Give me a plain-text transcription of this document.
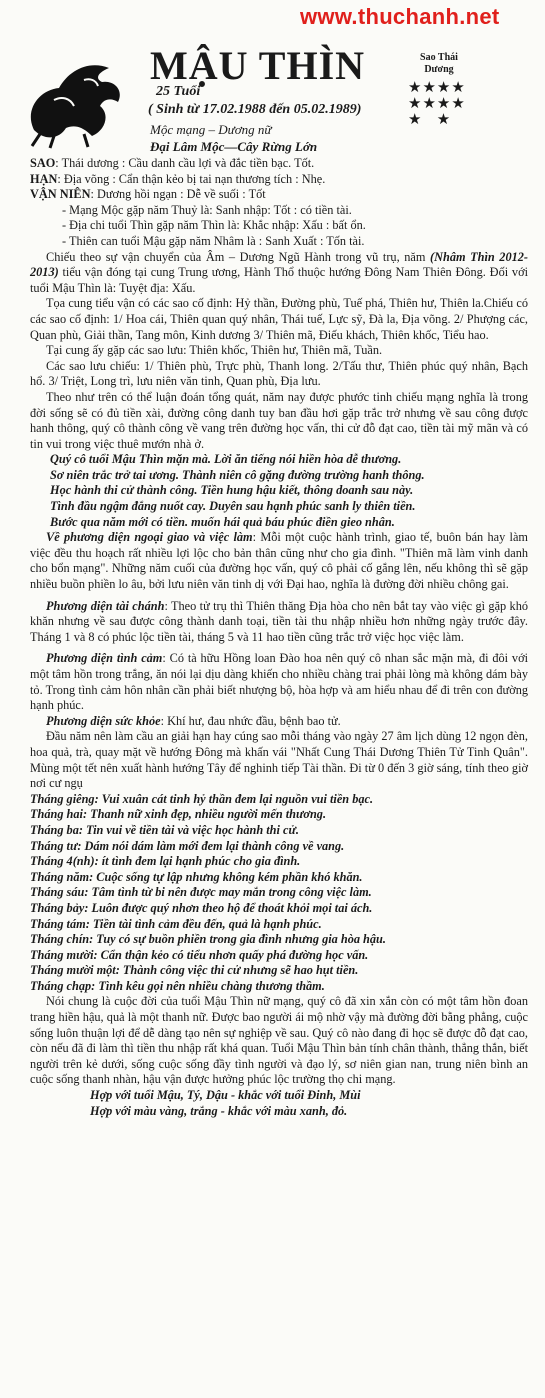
www.thuchanh.net
MẬU THÌN
25 Tuổi
( Sinh từ 17.02.1988 đến 05.02.1989)
Mộc mạng – Dương nữ
Đại Lâm Mộc—Cây Rừng Lớn
Sao Thái Dương
★★★★
★★★★
★   ★

SAO: Thái dương : Cầu danh cầu lợi và đắc tiền bạc. Tốt.

HẠN: Địa võng : Cẩn thận kẻo bị tai nạn thương tích : Nhẹ.

VẬN NIÊN: Dương hồi ngạn : Dễ về suối : Tốt

- Mạng Mộc gặp năm Thuỷ là: Sanh nhập: Tốt : có tiền tài.

- Địa chi tuổi Thìn gặp năm Thìn là: Khắc nhập: Xấu : bất ổn.

- Thiên can tuổi Mậu gặp năm Nhâm là : Sanh Xuất : Tốn tài.

Chiếu theo sự vận chuyển của Âm – Dương Ngũ Hành trong vũ trụ, năm (Nhâm Thìn 2012-2013) tiểu vận đóng tại cung Trung ương, Hành Thổ thuộc hướng Đông Nam Thiên Đông. Đối với tuổi Mậu Thìn là: Tuyệt địa: Xấu.

Tọa cung tiểu vận có các sao cố định: Hỷ thần, Đường phù, Tuế phá, Thiên hư, Thiên la.Chiếu có các sao cố định: 1/ Hoa cái, Thiên quan quý nhân, Thái tuế, Lực sỹ, Đà la, Địa võng. 2/ Phượng các, Quan phù, Giải thần, Tang môn, Kinh dương 3/ Thiên mã, Điếu khách, Thiên khốc, Tiểu hao.

Tại cung ấy gặp các sao lưu: Thiên khốc, Thiên hư, Thiên mã, Tuần.

Các sao lưu chiếu: 1/ Thiên phù, Trực phù, Thanh long. 2/Tấu thư, Thiên phúc quý nhân, Bạch hổ. 3/ Triệt, Long trì, lưu niên văn tinh, Quan phù, Địa lưu.

Theo như trên có thể luận đoán tổng quát, năm nay được phước tinh chiếu mạng nghĩa là trong đời sống sẽ có đủ tiền xài, đường công danh tuy ban đầu hơi gặp trắc trở nhưng về sau công được hanh thông, quý cô thành công về vang trên đường học vấn, thi cử đỗ đạt cao, tiền tài mỹ mãn và có tin vui trong việc thuê mướn nhà ở.

Quý cô tuổi Mậu Thìn mặn mà. Lời ăn tiếng nói hiền hòa dễ thương.

Sơ niên trắc trở tai ương. Thành niên cô gặng đường trường hanh thông.

Học hành thi cử thành công. Tiền hung hậu kiết, thông doanh sau này.

Tình đầu ngậm đắng nuốt cay. Duyên sau hạnh phúc sanh ly thiên tiền.

Bước qua năm mới có tiền. muốn hái quả báu phúc điền gieo nhân.

Về phương diện ngoại giao và việc làm: Mỗi một cuộc hành trình, giao tế, buôn bán hay làm việc đều thu hoạch rất nhiều lợi lộc cho bản thân cũng như cho gia đình. "Thiên mã làm vinh danh cho bổn mạng". Những năm cuối của đường học vấn, quý cô phải cố gắng lên, nếu không thì sẽ gặp nhiều buồn phiền lo âu, bởi lưu niên văn tinh dị với Đại hao, nghĩa là đường đời nhiều chông gai.

Phương diện tài chánh: Theo tử trụ thì Thiên thăng Địa hòa cho nên bắt tay vào việc gì gặp khó khăn nhưng về sau được công thành danh toại, tiền tài thu nhập nhiều hơn những ngày trước đây. Tháng 1 và 8 có phúc lộc tiền tài, tháng 5 và 11 hao tiền cũng trắc trở việc học việc làm.

Phương diện tình cảm: Có tà hữu Hồng loan Đào hoa nên quý cô nhan sắc mặn mà, đi đôi với một tâm hồn trong trắng, ăn nói lại dịu dàng khiến cho nhiều chàng trai phải lòng mà không dám bày tỏ. Trong tình cảm hôn nhân cần phải biết nhượng bộ, hòa hợp và am hiểu nhau để đi trên con đường hạnh phúc.

Phương diện sức khỏe: Khí hư, đau nhức đầu, bệnh bao tử.

Đầu năm nên làm cầu an giải hạn hay cúng sao mỗi tháng vào ngày 27 âm lịch dùng 12 ngọn đèn, hoa quả, trà, quay mặt về hướng Đông mà khấn vái "Nhất Cung Thái Dương Thiên Tử Tinh Quân". Mùng một tết nên xuất hành hướng Tây để nghinh tiếp Tài thần. Đi từ 0 đến 3 giờ sáng, tính theo giờ nơi cư ngụ

Tháng giêng: Vui xuân cát tinh hỷ thần đem lại nguồn vui tiền bạc.

Tháng hai: Thanh nữ xinh đẹp, nhiều người mến thương.

Tháng ba: Tin vui về tiền tài và việc học hành thi cử.

Tháng tư: Dám nói dám làm mới đem lại thành công về vang.

Tháng 4(nh): ít tình đem lại hạnh phúc cho gia đình.

Tháng năm: Cuộc sống tự lập nhưng không kém phần khó khăn.

Tháng sáu: Tâm tình từ bi nên được may mắn trong công việc làm.

Tháng bảy: Luôn được quý nhơn theo hộ để thoát khỏi mọi tai ách.

Tháng tám: Tiền tài tình cảm đều đến, quả là hạnh phúc.

Tháng chín: Tuy có sự buồn phiền trong gia đình nhưng gia hòa hậu.

Tháng mười: Cẩn thận kẻo có tiểu nhơn quấy phá đường học vấn.

Tháng mười một: Thành công việc thi cử nhưng sẽ hao hụt tiền.

Tháng chạp: Tình kêu gọi nên nhiều chàng thương thầm.

Nói chung là cuộc đời của tuổi Mậu Thìn nữ mạng, quý cô đã xin xắn còn có một tâm hồn đoan trang hiền hậu, quả là một thanh nữ. Được bao người ái mộ nhờ vậy mà đường đời bằng phẳng, cuộc sống luôn thuận lợi để dễ dàng tạo nên sự nghiệp về sau. Quý cô nào đang đi học sẽ được đỗ đạt cao, còn nếu đã đi làm thì tiền thu nhập rất khá quan. Tuổi Mậu Thìn bản tính chân thành, thẳng thắn, biết người trên kẻ dưới, sống cuộc sống đầy tình người và đạo lý, sơ niên gian nan, trung niên bình an cuộc sống thanh nhàn, hậu vận được hưởng phúc lộc trường thọ chi mạng.

Hợp với tuổi Mậu, Tý, Dậu - khắc với tuổi Đinh, Mùi

Hợp với màu vàng, trắng - khắc với màu xanh, đỏ.
